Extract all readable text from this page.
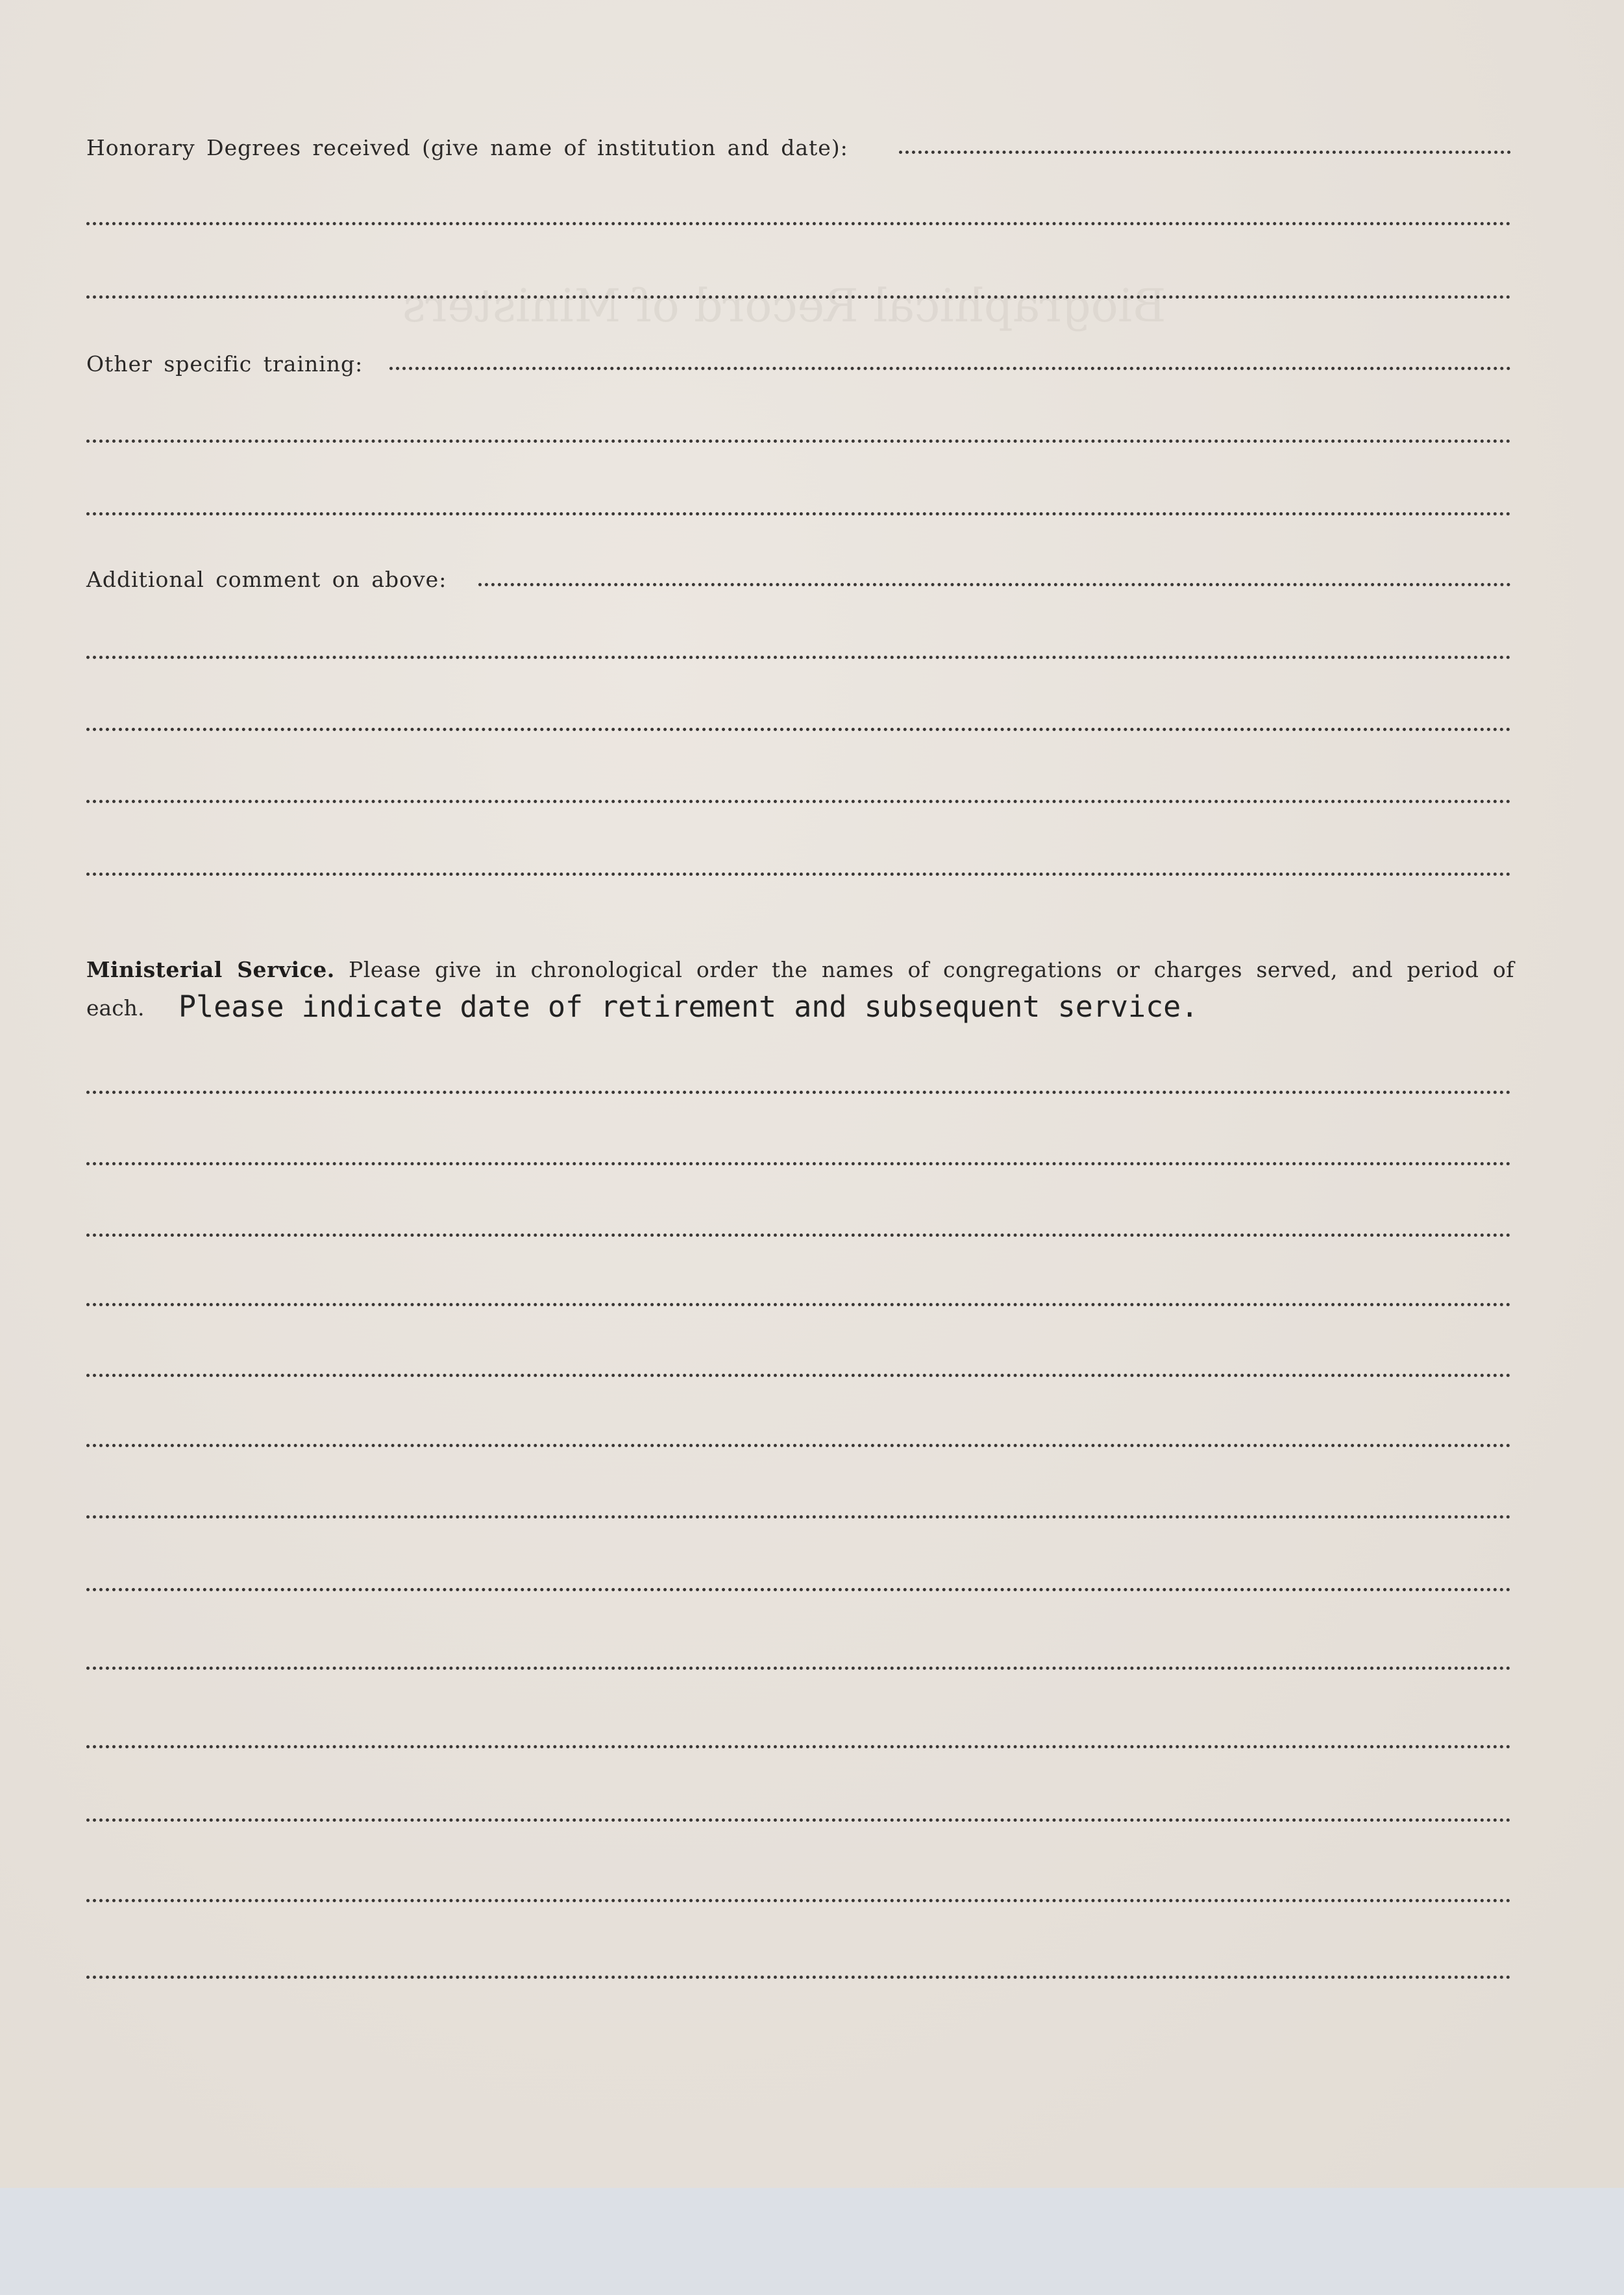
Biographical Record of Ministers
Honorary Degrees received (give name of institution and date):
Other specific training:
Additional comment on above:
Ministerial Service. Please give in chronological order the names of congregations or charges served, and period of
each. Please indicate date of retirement and subsequent service.
